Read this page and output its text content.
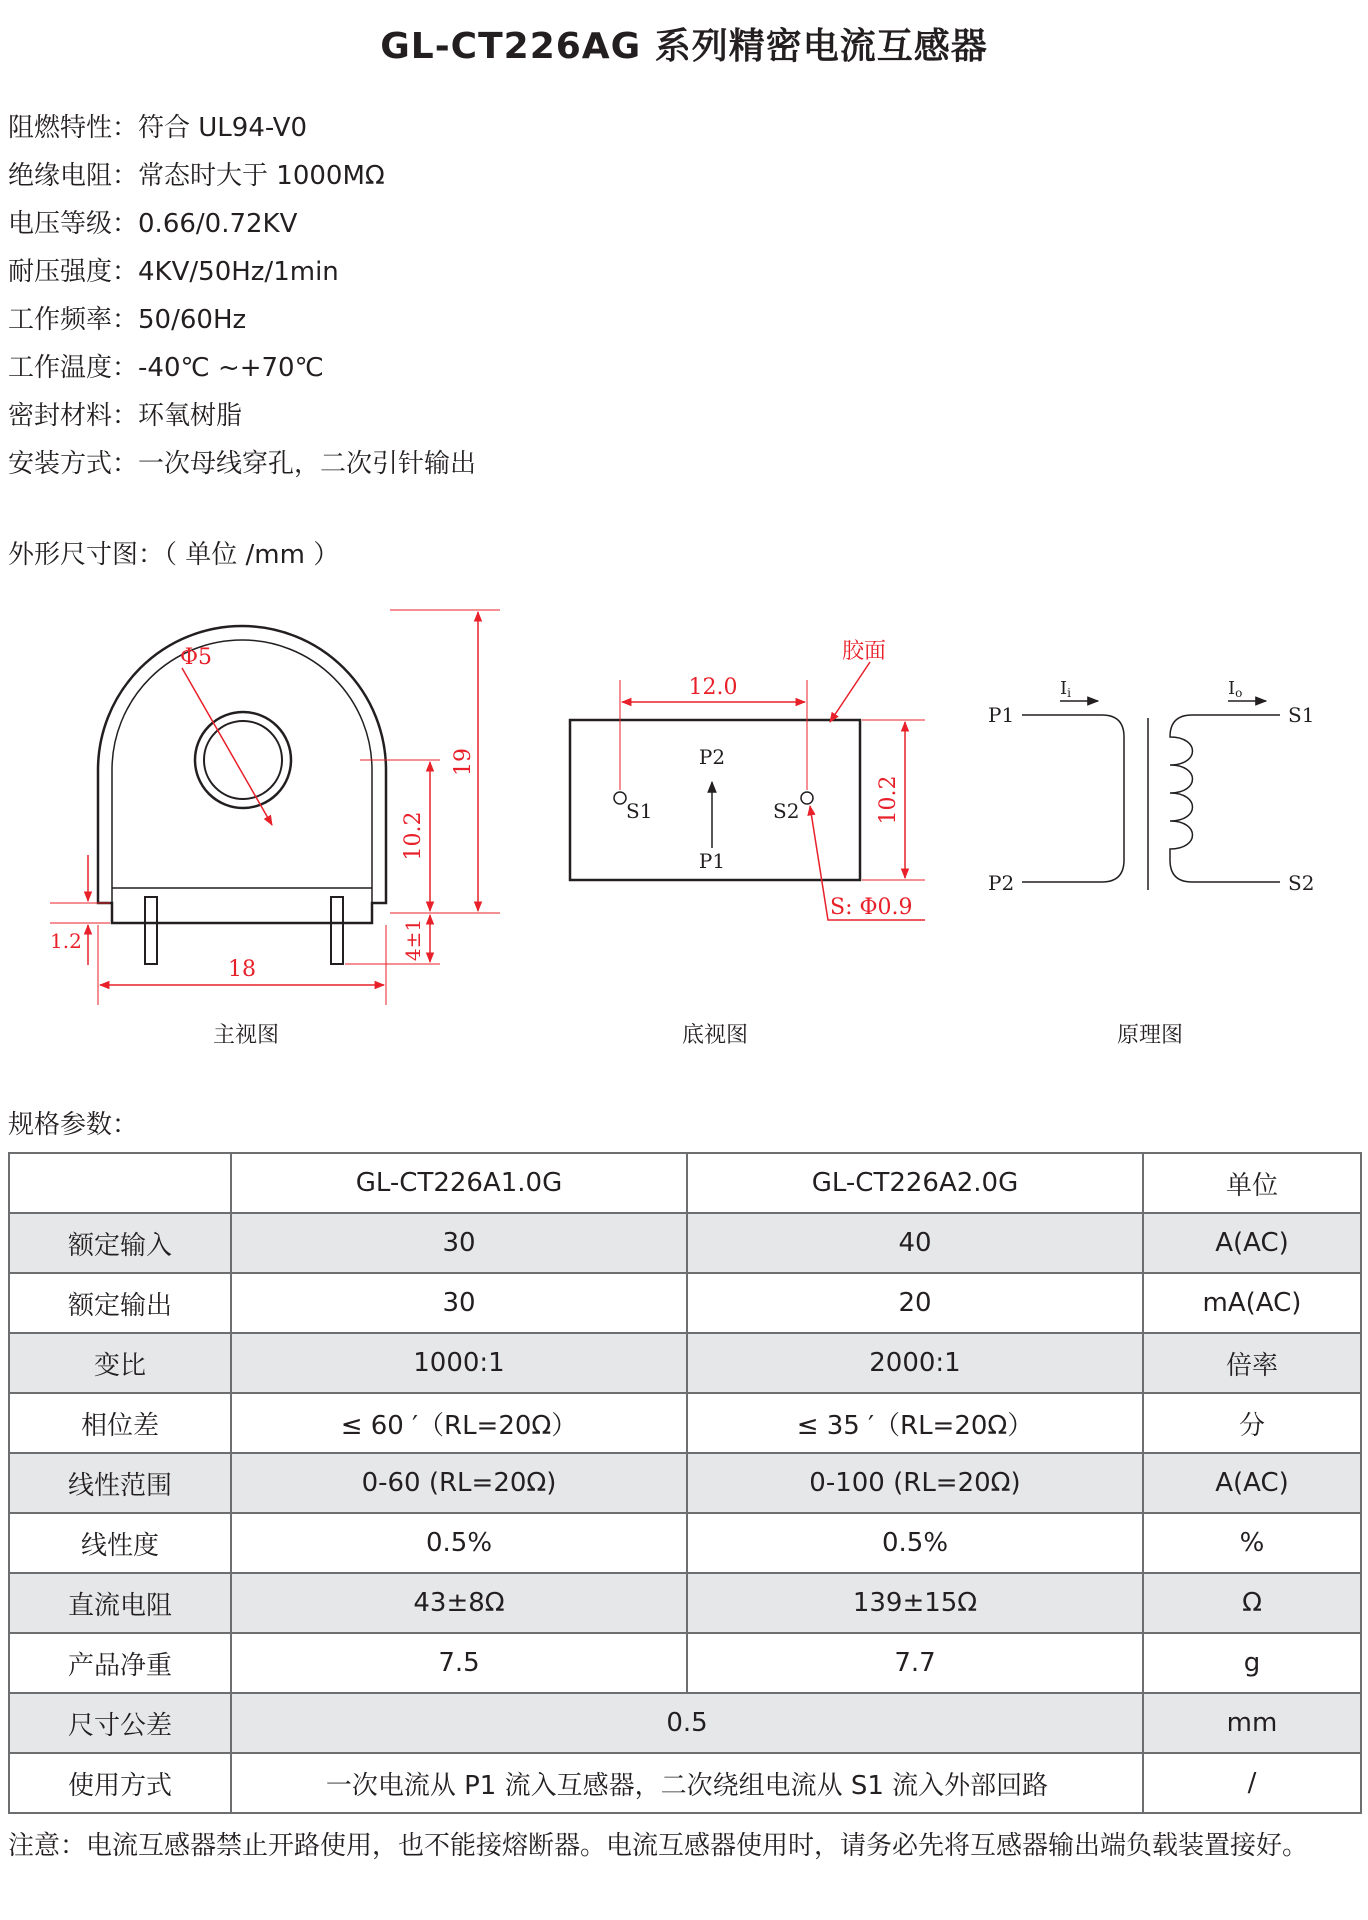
GL-CT226AG 系列精密电流互感器
阻燃特性：符合 UL94-V0
绝缘电阻：常态时大于 1000MΩ
电压等级：0.66/0.72KV
耐压强度：4KV/50Hz/1min
工作频率：50/60Hz
工作温度：-40℃ ~+70℃
密封材料：环氧树脂
安装方式：一次母线穿孔，二次引针输出
外形尺寸图：（ 单位 /mm ）
Φ5
19
10.2
4±1
1.2
18
主视图
S1	S2
P2
P1
12.0
胶面
10.2
S: Φ0.9
底视图
P1
P2
Ii	Io
S1
S2
原理图
规格参数：
	GL-CT226A1.0G	GL-CT226A2.0G	单位
额定输入	30	40	A(AC)
额定输出	30	20	mA(AC)
变比	1000:1	2000:1	倍率
相位差	≤ 60 ′（RL=20Ω）	≤ 35 ′（RL=20Ω）	分
线性范围	0-60 (RL=20Ω)	0-100 (RL=20Ω)	A(AC)
线性度	0.5%	0.5%	%
直流电阻	43±8Ω	139±15Ω	Ω
产品净重	7.5	7.7	g
尺寸公差	0.5		mm
使用方式	一次电流从 P1 流入互感器，二次绕组电流从 S1 流入外部回路		/
注意：电流互感器禁止开路使用，也不能接熔断器。电流互感器使用时，请务必先将互感器输出端负载装置接好。
